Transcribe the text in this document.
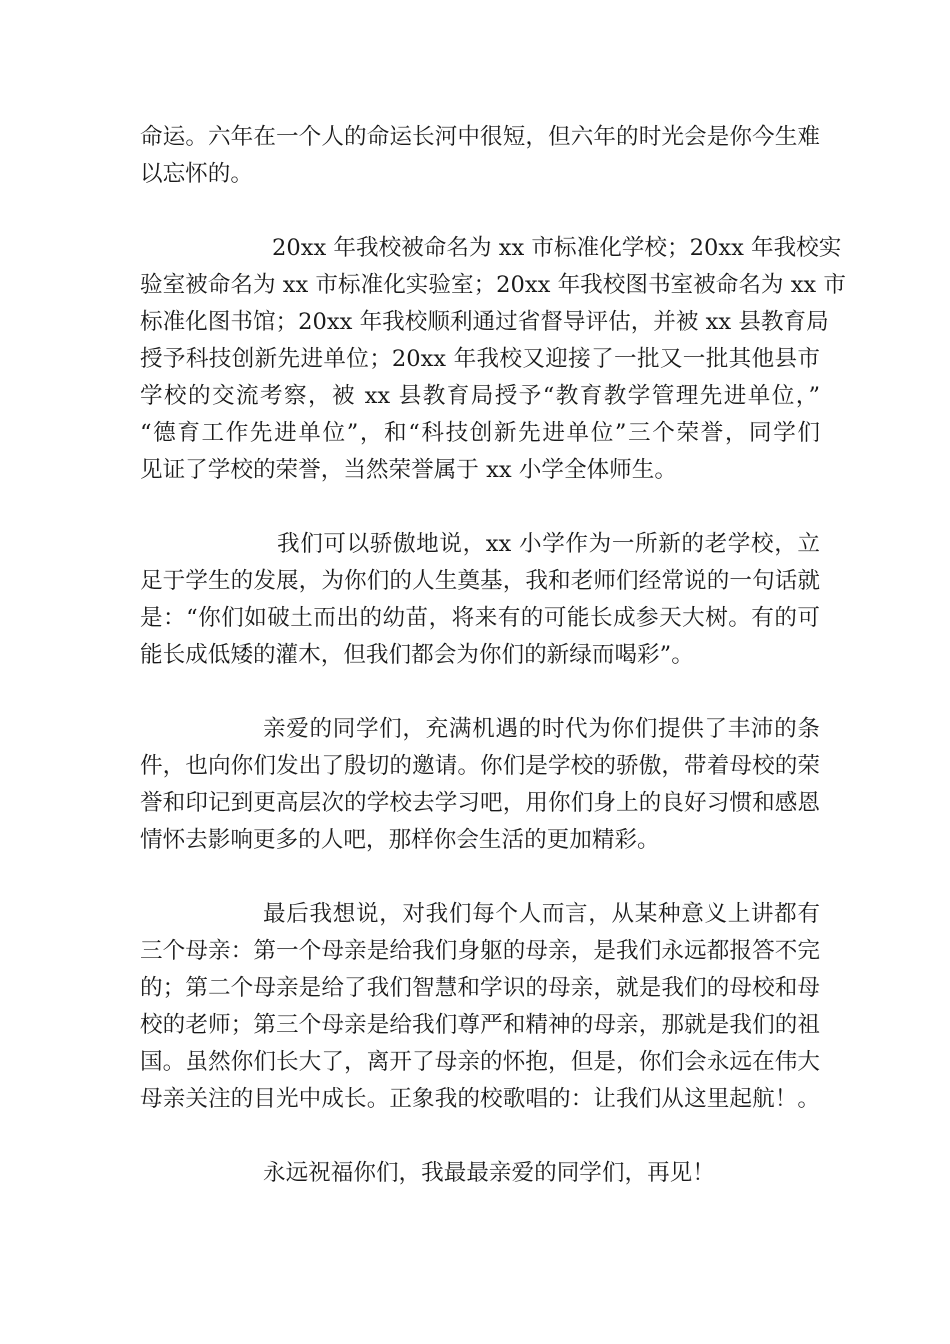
命运。六年在一个人的命运长河中很短，但六年的时光会是你今生难
以忘怀的。
20xx 年我校被命名为 xx 市标准化学校；20xx 年我校实
验室被命名为 xx 市标准化实验室；20xx 年我校图书室被命名为 xx 市
标准化图书馆；20xx 年我校顺利通过省督导评估，并被 xx 县教育局
授予科技创新先进单位；20xx 年我校又迎接了一批又一批其他县市
学校的交流考察，被 xx 县教育局授予“教育教学管理先进单位，”
“德育工作先进单位”，和“科技创新先进单位”三个荣誉，同学们
见证了学校的荣誉，当然荣誉属于 xx 小学全体师生。
我们可以骄傲地说，xx 小学作为一所新的老学校，立
足于学生的发展，为你们的人生奠基，我和老师们经常说的一句话就
是：“你们如破土而出的幼苗，将来有的可能长成参天大树。有的可
能长成低矮的灌木，但我们都会为你们的新绿而喝彩”。
亲爱的同学们，充满机遇的时代为你们提供了丰沛的条
件，也向你们发出了殷切的邀请。你们是学校的骄傲，带着母校的荣
誉和印记到更高层次的学校去学习吧，用你们身上的良好习惯和感恩
情怀去影响更多的人吧，那样你会生活的更加精彩。
最后我想说，对我们每个人而言，从某种意义上讲都有
三个母亲：第一个母亲是给我们身躯的母亲，是我们永远都报答不完
的；第二个母亲是给了我们智慧和学识的母亲，就是我们的母校和母
校的老师；第三个母亲是给我们尊严和精神的母亲，那就是我们的祖
国。虽然你们长大了，离开了母亲的怀抱，但是，你们会永远在伟大
母亲关注的目光中成长。正象我的校歌唱的：让我们从这里起航！。
永远祝福你们，我最最亲爱的同学们，再见！
